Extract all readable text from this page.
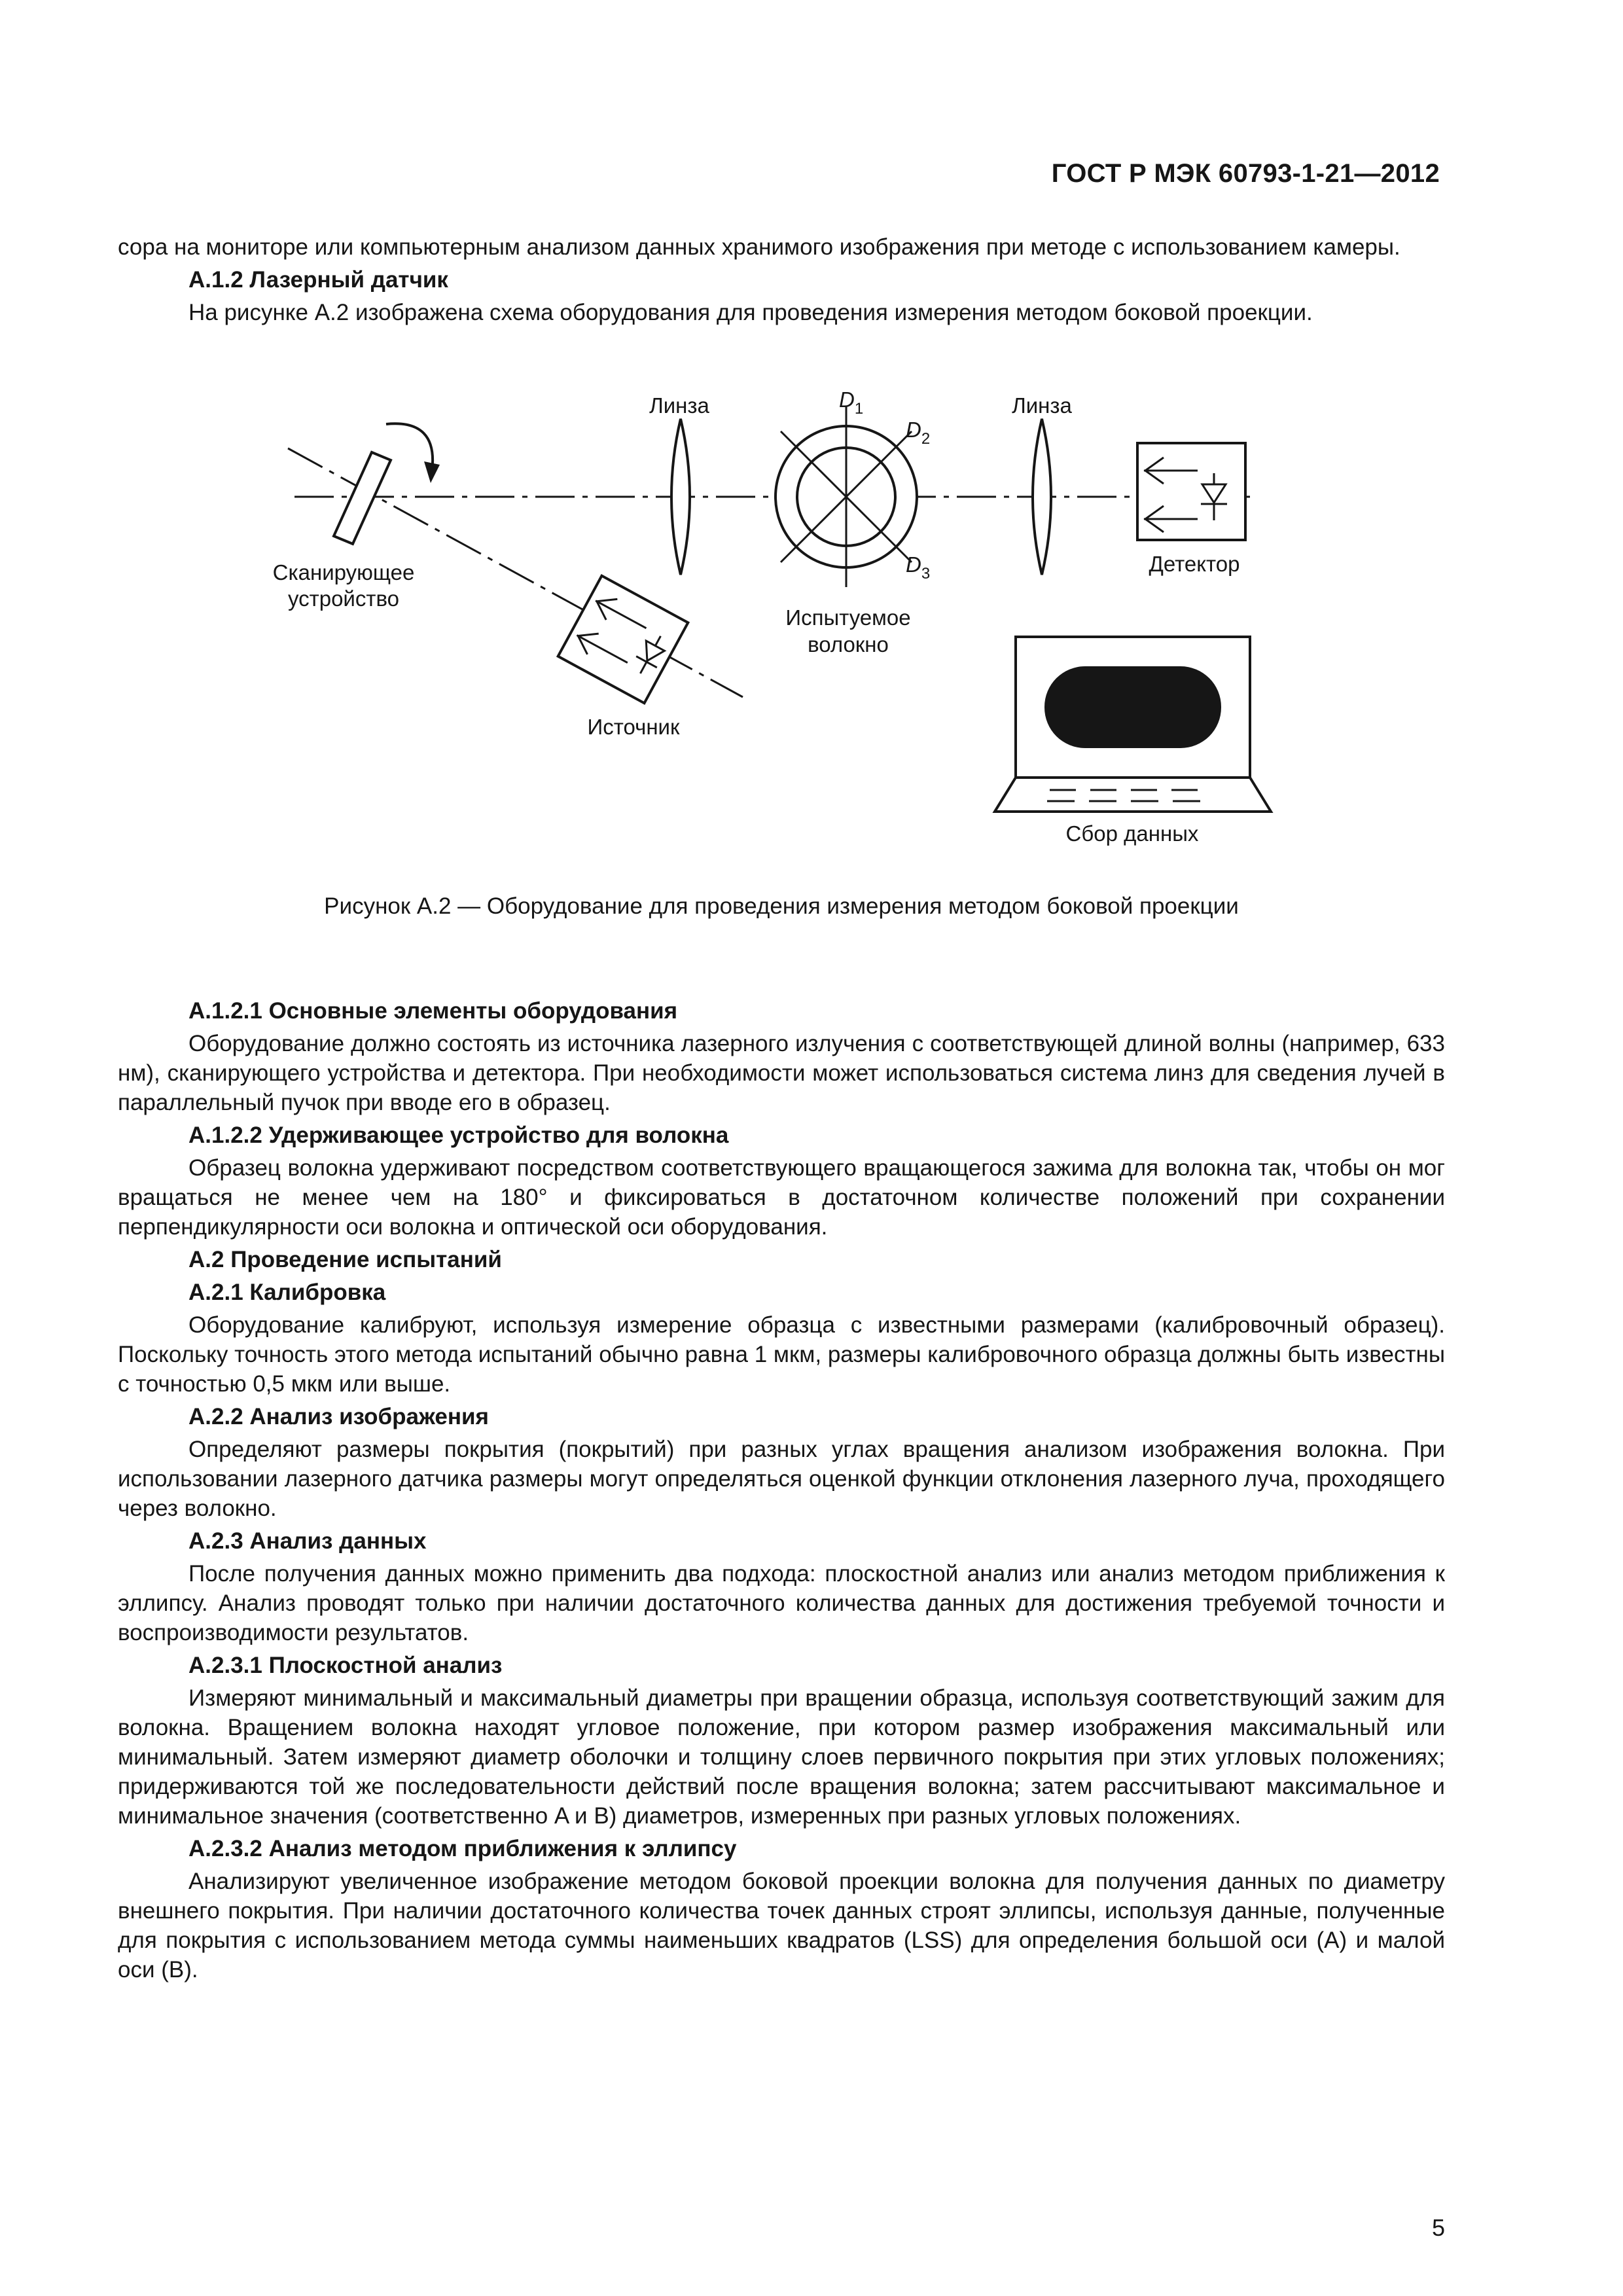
ГОСТ Р МЭК 60793-1-21—2012

сора на мониторе или компьютерным анализом данных хранимого изображения при методе с использованием камеры.

А.1.2 Лазерный датчик

На рисунке А.2 изображена схема оборудования для проведения измерения методом боковой проекции.

Линза	Линза
D1
D2
D3
Сканирующее
устройство
Испытуемое
волокно
Детектор
Источник
Сбор данных
Рисунок А.2 — Оборудование для проведения измерения методом боковой проекции

А.1.2.1 Основные элементы оборудования

Оборудование должно состоять из источника лазерного излучения с соответствующей длиной волны (например, 633 нм), сканирующего устройства и детектора. При необходимости может использоваться система линз для сведения лучей в параллельный пучок при вводе его в образец.

А.1.2.2 Удерживающее устройство для волокна

Образец волокна удерживают посредством соответствующего вращающегося зажима для волокна так, чтобы он мог вращаться не менее чем на 180° и фиксироваться в достаточном количестве положений при сохранении перпендикулярности оси волокна и оптической оси оборудования.

А.2 Проведение испытаний

А.2.1 Калибровка

Оборудование калибруют, используя измерение образца с известными размерами (калибровочный образец). Поскольку точность этого метода испытаний обычно равна 1 мкм, размеры калибровочного образца должны быть известны с точностью 0,5 мкм или выше.

А.2.2 Анализ изображения

Определяют размеры покрытия (покрытий) при разных углах вращения анализом изображения волокна. При использовании лазерного датчика размеры могут определяться оценкой функции отклонения лазерного луча, проходящего через волокно.

А.2.3 Анализ данных

После получения данных можно применить два подхода: плоскостной анализ или анализ методом приближения к эллипсу. Анализ проводят только при наличии достаточного количества данных для достижения требуемой точности и воспроизводимости результатов.

А.2.3.1 Плоскостной анализ

Измеряют минимальный и максимальный диаметры при вращении образца, используя соответствующий зажим для волокна. Вращением волокна находят угловое положение, при котором размер изображения максимальный или минимальный. Затем измеряют диаметр оболочки и толщину слоев первичного покрытия при этих угловых положениях; придерживаются той же последовательности действий после вращения волокна; затем рассчитывают максимальное и минимальное значения (соответственно A и B) диаметров, измеренных при разных угловых положениях.

А.2.3.2 Анализ методом приближения к эллипсу

Анализируют увеличенное изображение методом боковой проекции волокна для получения данных по диаметру внешнего покрытия. При наличии достаточного количества точек данных строят эллипсы, используя данные, полученные для покрытия с использованием метода суммы наименьших квадратов (LSS) для определения большой оси (A) и малой оси (B).

5
